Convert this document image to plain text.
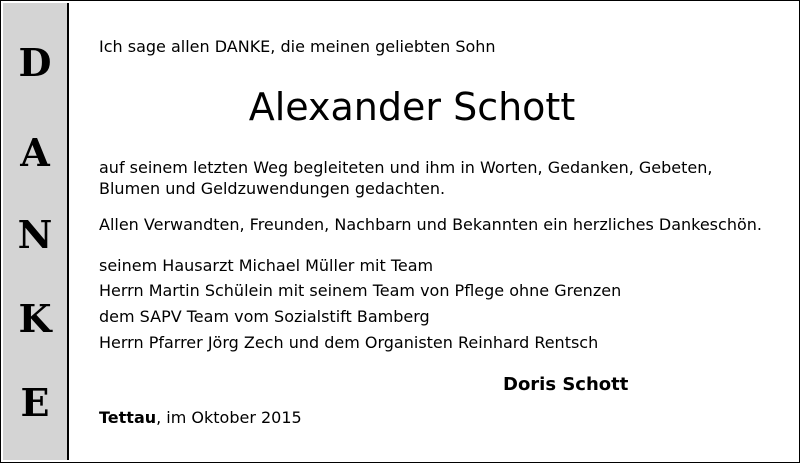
D
A
N
K
E
Ich sage allen DANKE, die meinen geliebten Sohn
Alexander Schott
auf seinem letzten Weg begleiteten und ihm in Worten, Gedanken, Gebeten,
Blumen und Geldzuwendungen gedachten.
Allen Verwandten, Freunden, Nachbarn und Bekannten ein herzliches Dankeschön.
seinem Hausarzt Michael Müller mit Team
Herrn Martin Schülein mit seinem Team von Pflege ohne Grenzen
dem SAPV Team vom Sozialstift Bamberg
Herrn Pfarrer Jörg Zech und dem Organisten Reinhard Rentsch
Doris Schott
Tettau, im Oktober 2015
